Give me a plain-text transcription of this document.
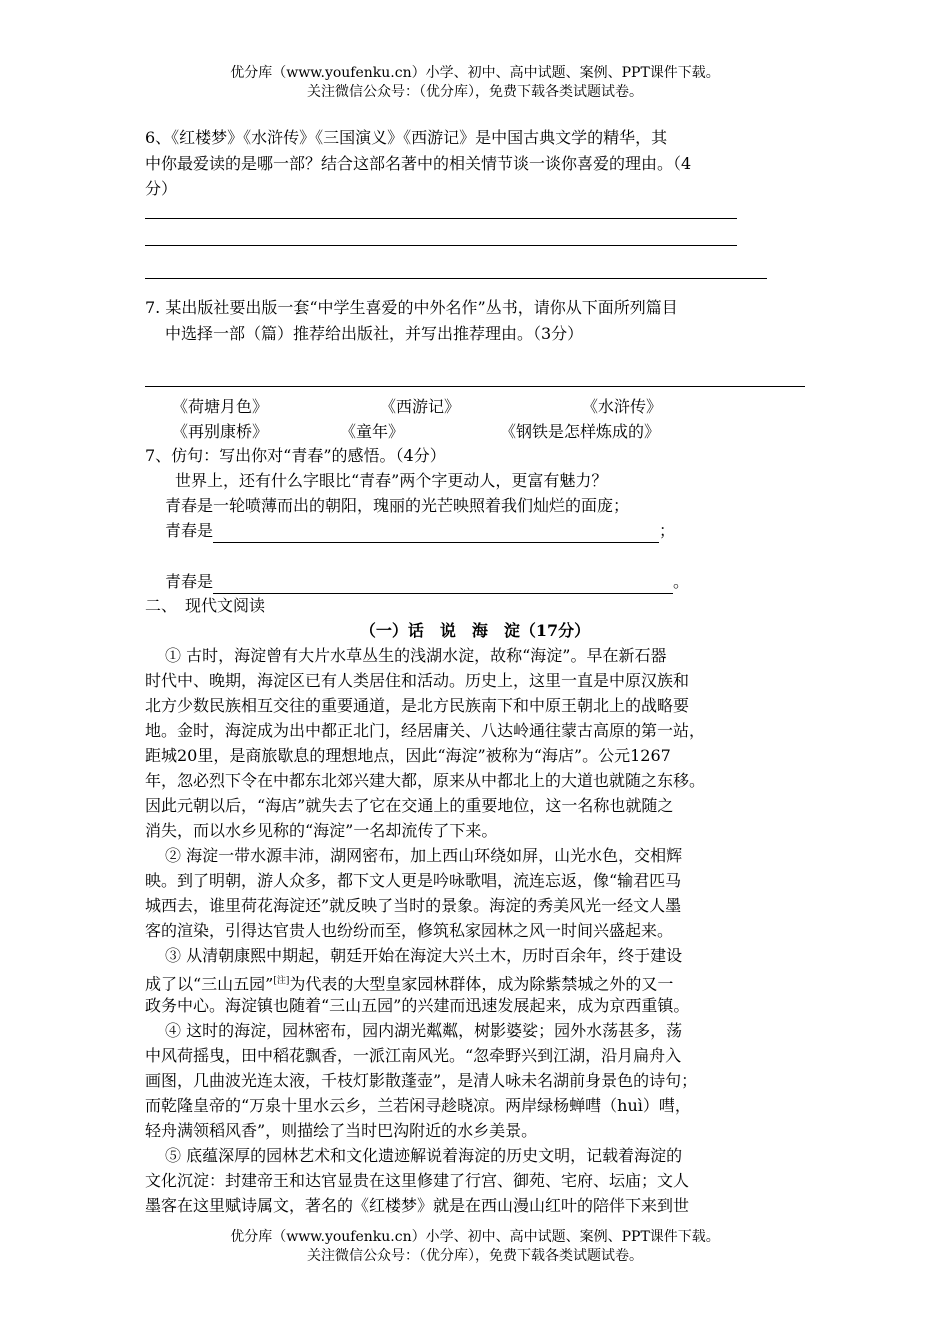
优分库（www.youfenku.cn）小学、初中、高中试题、案例、PPT课件下载。
关注微信公众号：（优分库），免费下载各类试题试卷。
6、《红楼梦》《水浒传》《三国演义》《西游记》是中国古典文学的精华，其
中你最爱读的是哪一部？结合这部名著中的相关情节谈一谈你喜爱的理由。（4
分）
7. 某出版社要出版一套“中学生喜爱的中外名作”丛书，请你从下面所列篇目
中选择一部（篇）推荐给出版社，并写出推荐理由。（3分）
《荷塘月色》	《西游记》	《水浒传》
《再别康桥》	《童年》	《钢铁是怎样炼成的》
7、仿句：写出你对“青春”的感悟。（4分）
世界上，还有什么字眼比“青春”两个字更动人，更富有魅力？
青春是一轮喷薄而出的朝阳，瑰丽的光芒映照着我们灿烂的面庞；
青春是	；
青春是	。
二、　现代文阅读
（一）话　说　海　淀（17分）
① 古时，海淀曾有大片水草丛生的浅湖水淀，故称“海淀”。早在新石器
时代中、晚期，海淀区已有人类居住和活动。历史上，这里一直是中原汉族和
北方少数民族相互交往的重要通道，是北方民族南下和中原王朝北上的战略要
地。金时，海淀成为出中都正北门，经居庸关、八达岭通往蒙古高原的第一站，
距城20里，是商旅歇息的理想地点，因此“海淀”被称为“海店”。公元1267
年，忽必烈下令在中都东北郊兴建大都，原来从中都北上的大道也就随之东移。
因此元朝以后，“海店”就失去了它在交通上的重要地位，这一名称也就随之
消失，而以水乡见称的“海淀”一名却流传了下来。
② 海淀一带水源丰沛，湖网密布，加上西山环绕如屏，山光水色，交相辉
映。到了明朝，游人众多，都下文人更是吟咏歌唱，流连忘返，像“输君匹马
城西去，谁里荷花海淀还”就反映了当时的景象。海淀的秀美风光一经文人墨
客的渲染，引得达官贵人也纷纷而至，修筑私家园林之风一时间兴盛起来。
③ 从清朝康熙中期起，朝廷开始在海淀大兴土木，历时百余年，终于建设
成了以“三山五园”[注]为代表的大型皇家园林群体，成为除紫禁城之外的又一
政务中心。海淀镇也随着“三山五园”的兴建而迅速发展起来，成为京西重镇。
④ 这时的海淀，园林密布，园内湖光粼粼，树影婆娑；园外水荡甚多，荡
中风荷摇曳，田中稻花飘香，一派江南风光。“忽牵野兴到江湖，沿月扁舟入
画图，几曲波光连太液，千枝灯影散蓬壶”，是清人咏未名湖前身景色的诗句；
而乾隆皇帝的“万泉十里水云乡，兰若闲寻趁晓凉。两岸绿杨蝉嘒（huì）嘒，
轻舟满领稻风香”，则描绘了当时巴沟附近的水乡美景。
⑤ 底蕴深厚的园林艺术和文化遗迹解说着海淀的历史文明，记载着海淀的
文化沉淀：封建帝王和达官显贵在这里修建了行宫、御苑、宅府、坛庙；文人
墨客在这里赋诗属文，著名的《红楼梦》就是在西山漫山红叶的陪伴下来到世
优分库（www.youfenku.cn）小学、初中、高中试题、案例、PPT课件下载。
关注微信公众号：（优分库），免费下载各类试题试卷。
